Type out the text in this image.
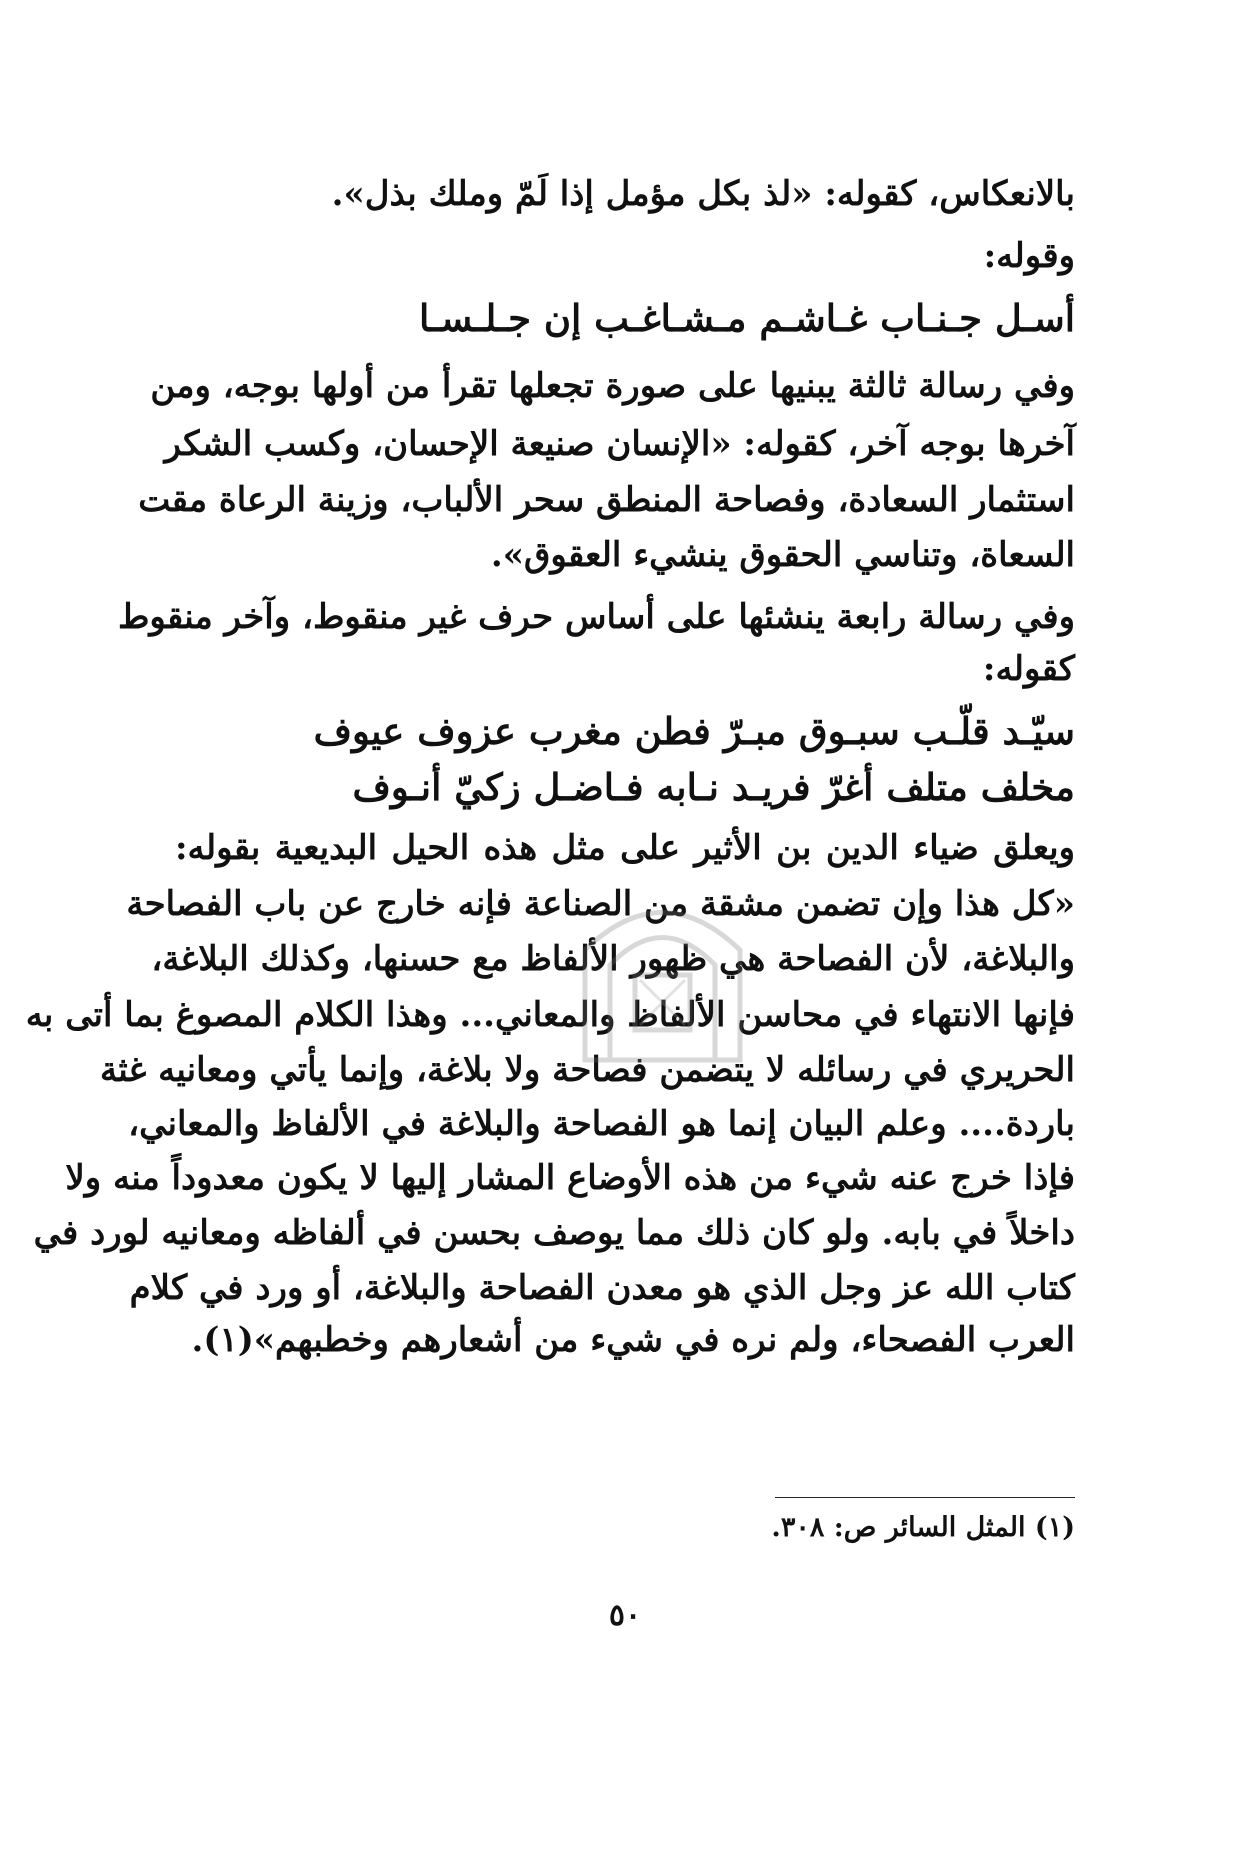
بالانعكاس، كقوله: «لذ بكل مؤمل إذا لَمّ وملك بذل».
وقوله:
أسـل جـنـاب غـاشـم مـشـاغـب إن جـلـسـا
وفي رسالة ثالثة يبنيها على صورة تجعلها تقرأ من أولها بوجه، ومن
آخرها بوجه آخر، كقوله: «الإنسان صنيعة الإحسان، وكسب الشكر
استثمار السعادة، وفصاحة المنطق سحر الألباب، وزينة الرعاة مقت
السعاة، وتناسي الحقوق ينشيء العقوق».
وفي رسالة رابعة ينشئها على أساس حرف غير منقوط، وآخر منقوط
كقوله:
سيّـد قلّـب سبـوق مبـرّ فطن مغرب عزوف عيوف
مخلف متلف أغرّ فريـد نـابه فـاضـل زكيّ أنـوف
ويعلق ضياء الدين بن الأثير على مثل هذه الحيل البديعية بقوله:
«كل هذا وإن تضمن مشقة من الصناعة فإنه خارج عن باب الفصاحة
والبلاغة، لأن الفصاحة هي ظهور الألفاظ مع حسنها، وكذلك البلاغة،
فإنها الانتهاء في محاسن الألفاظ والمعاني... وهذا الكلام المصوغ بما أتى به
الحريري في رسائله لا يتضمن فصاحة ولا بلاغة، وإنما يأتي ومعانيه غثة
باردة.... وعلم البيان إنما هو الفصاحة والبلاغة في الألفاظ والمعاني،
فإذا خرج عنه شيء من هذه الأوضاع المشار إليها لا يكون معدوداً منه ولا
داخلاً في بابه. ولو كان ذلك مما يوصف بحسن في ألفاظه ومعانيه لورد في
كتاب الله عز وجل الذي هو معدن الفصاحة والبلاغة، أو ورد في كلام
العرب الفصحاء، ولم نره في شيء من أشعارهم وخطبهم»(١).
(١) المثل السائر ص: ٣٠٨.
٥٠
